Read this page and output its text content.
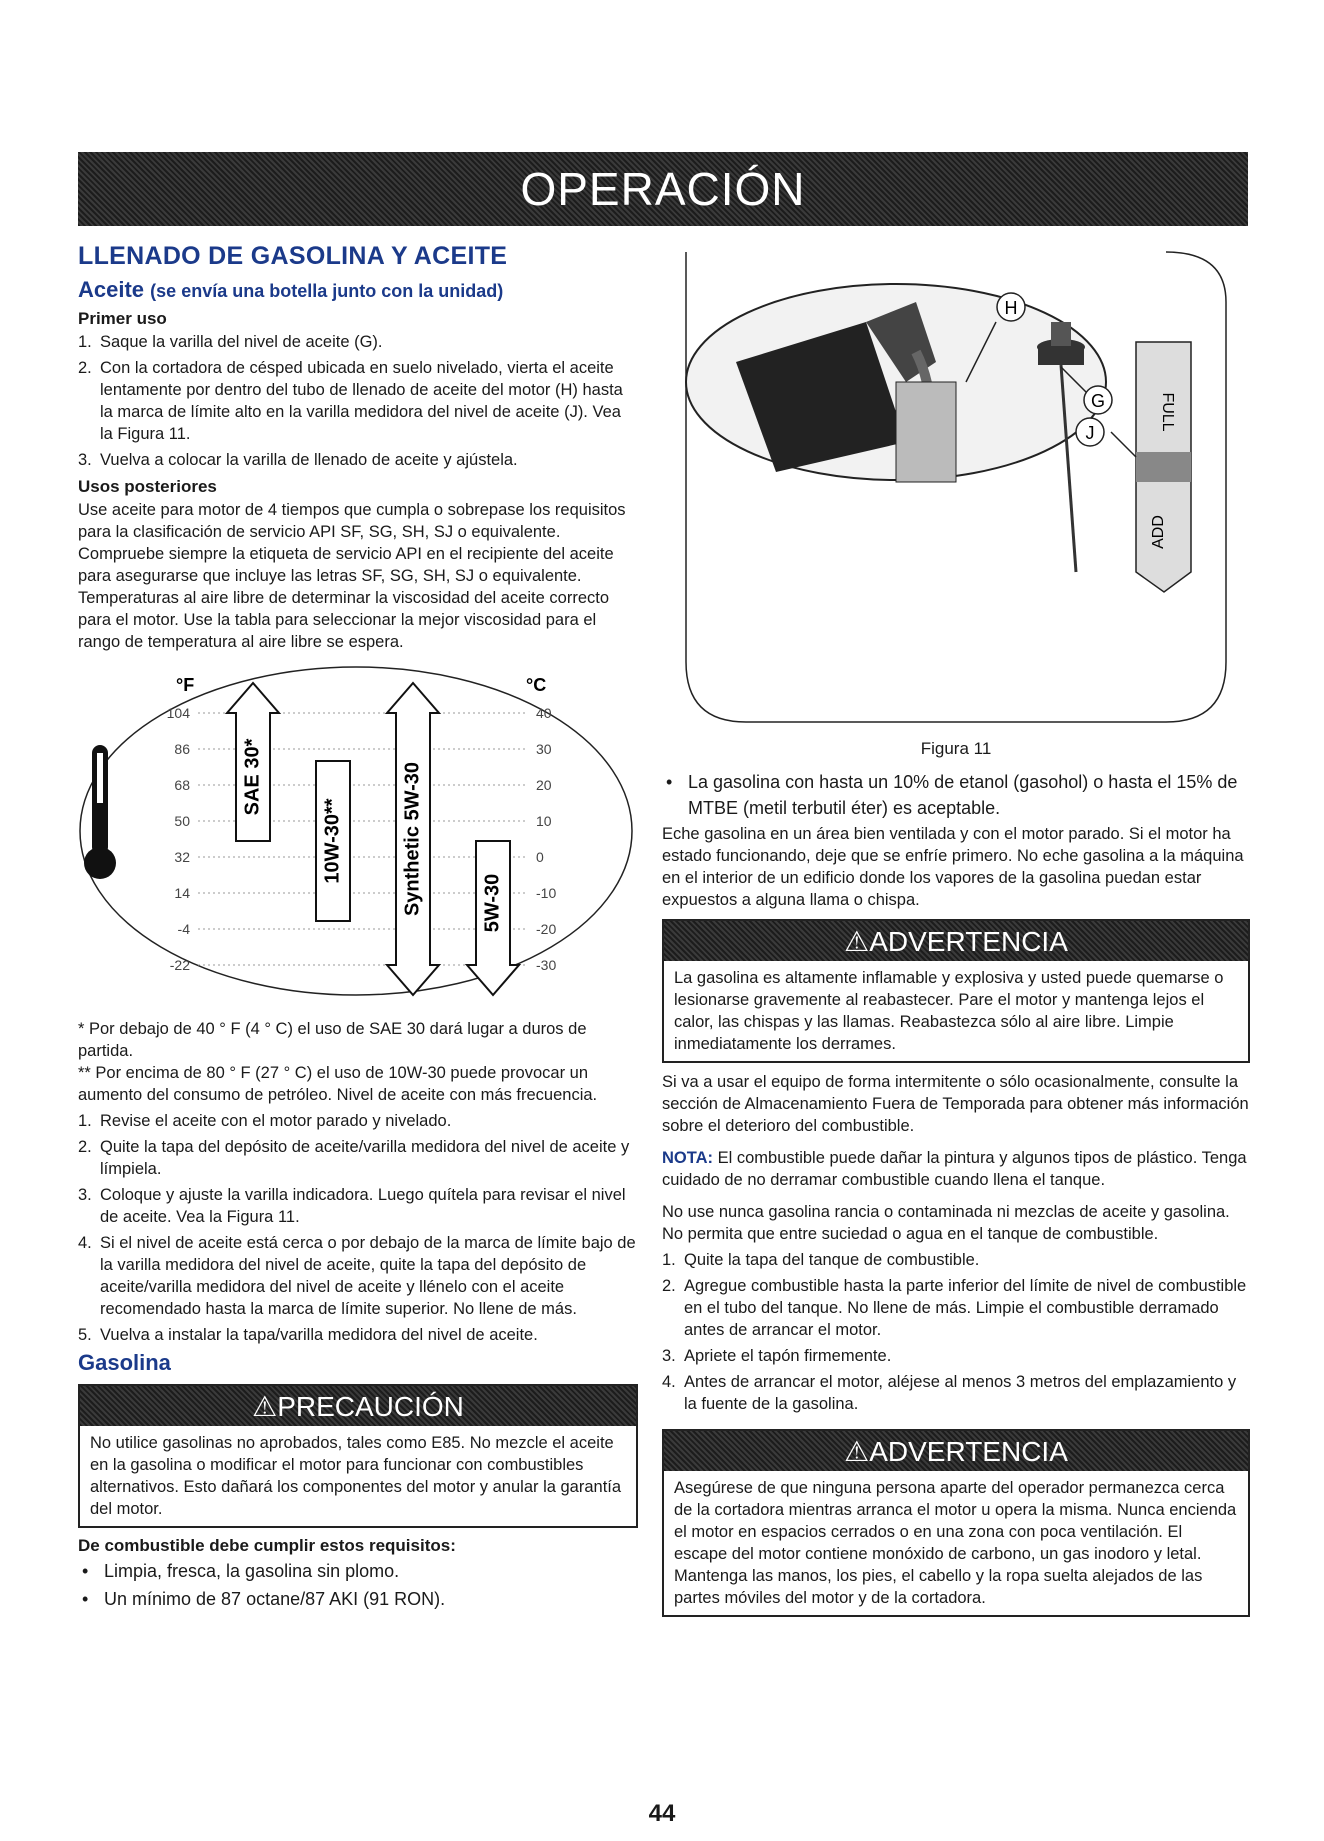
OPERACIÓN
LLENADO DE GASOLINA Y ACEITE
Aceite (se envía una botella junto con la unidad)
Primer uso
1. Saque la varilla del nivel de aceite (G).
2. Con la cortadora de césped ubicada en suelo nivelado, vierta el aceite lentamente por dentro del tubo de llenado de aceite del motor (H) hasta la marca de límite alto en la varilla medidora del nivel de aceite (J). Vea la Figura 11.
3. Vuelva a colocar la varilla de llenado de aceite y ajústela.
Usos posteriores

Use aceite para motor de 4 tiempos que cumpla o sobrepase los requisitos para la clasificación de servicio API SF, SG, SH, SJ o equivalente.

Compruebe siempre la etiqueta de servicio API en el recipiente del aceite para asegurarse que incluye las letras SF, SG, SH, SJ o equivalente.

Temperaturas al aire libre de determinar la viscosidad del aceite correcto para el motor. Use la tabla para seleccionar la mejor viscosidad para el rango de temperatura al aire libre se espera.

°F	°C
104
86
68
50
32
14
-4
-22
40
30
20
10
0
-10
-20
-30
SAE 30*
10W-30**	Synthetic 5W-30	5W-30

* Por debajo de 40 ° F (4 ° C) el uso de SAE 30 dará lugar a duros de partida.

** Por encima de 80 ° F (27 ° C) el uso de 10W-30 puede provocar un aumento del consumo de petróleo. Nivel de aceite con más frecuencia.

1. Revise el aceite con el motor parado y nivelado.
2. Quite la tapa del depósito de aceite/varilla medidora del nivel de aceite y límpiela.
3. Coloque y ajuste la varilla indicadora. Luego quítela para revisar el nivel de aceite. Vea la Figura 11.
4. Si el nivel de aceite está cerca o por debajo de la marca de límite bajo de la varilla medidora del nivel de aceite, quite la tapa del depósito de aceite/varilla medidora del nivel de aceite y llénelo con el aceite recomendado hasta la marca de límite superior. No llene de más.
5. Vuelva a instalar la tapa/varilla medidora del nivel de aceite.
Gasolina
⚠PRECAUCIÓN
No utilice gasolinas no aprobados, tales como E85. No mezcle el aceite en la gasolina o modificar el motor para funcionar con combustibles alternativos. Esto dañará los componentes del motor y anular la garantía del motor.
De combustible debe cumplir estos requisitos:
• Limpia, fresca, la gasolina sin plomo.
• Un mínimo de 87 octane/87 AKI (91 RON).
H
G	FULL
ADD
J
Figura 11
• La gasolina con hasta un 10% de etanol (gasohol) o hasta el 15% de MTBE (metil terbutil éter) es aceptable.

Eche gasolina en un área bien ventilada y con el motor parado. Si el motor ha estado funcionando, deje que se enfríe primero. No eche gasolina a la máquina en el interior de un edificio donde los vapores de la gasolina puedan estar expuestos a alguna llama o chispa.

⚠ADVERTENCIA
La gasolina es altamente inflamable y explosiva y usted puede quemarse o lesionarse gravemente al reabastecer. Pare el motor y mantenga lejos el calor, las chispas y las llamas. Reabastezca sólo al aire libre. Limpie inmediatamente los derrames.

Si va a usar el equipo de forma intermitente o sólo ocasionalmente, consulte la sección de Almacenamiento Fuera de Temporada para obtener más información sobre el deterioro del combustible.

NOTA: El combustible puede dañar la pintura y algunos tipos de plástico. Tenga cuidado de no derramar combustible cuando llena el tanque.

No use nunca gasolina rancia o contaminada ni mezclas de aceite y gasolina. No permita que entre suciedad o agua en el tanque de combustible.

1. Quite la tapa del tanque de combustible.
2. Agregue combustible hasta la parte inferior del límite de nivel de combustible en el tubo del tanque. No llene de más. Limpie el combustible derramado antes de arrancar el motor.
3. Apriete el tapón firmemente.
4. Antes de arrancar el motor, aléjese al menos 3 metros del emplazamiento y la fuente de la gasolina.
⚠ADVERTENCIA
Asegúrese de que ninguna persona aparte del operador permanezca cerca de la cortadora mientras arranca el motor u opera la misma. Nunca encienda el motor en espacios cerrados o en una zona con poca ventilación. El escape del motor contiene monóxido de carbono, un gas inodoro y letal. Mantenga las manos, los pies, el cabello y la ropa suelta alejados de las partes móviles del motor y de la cortadora.
44
